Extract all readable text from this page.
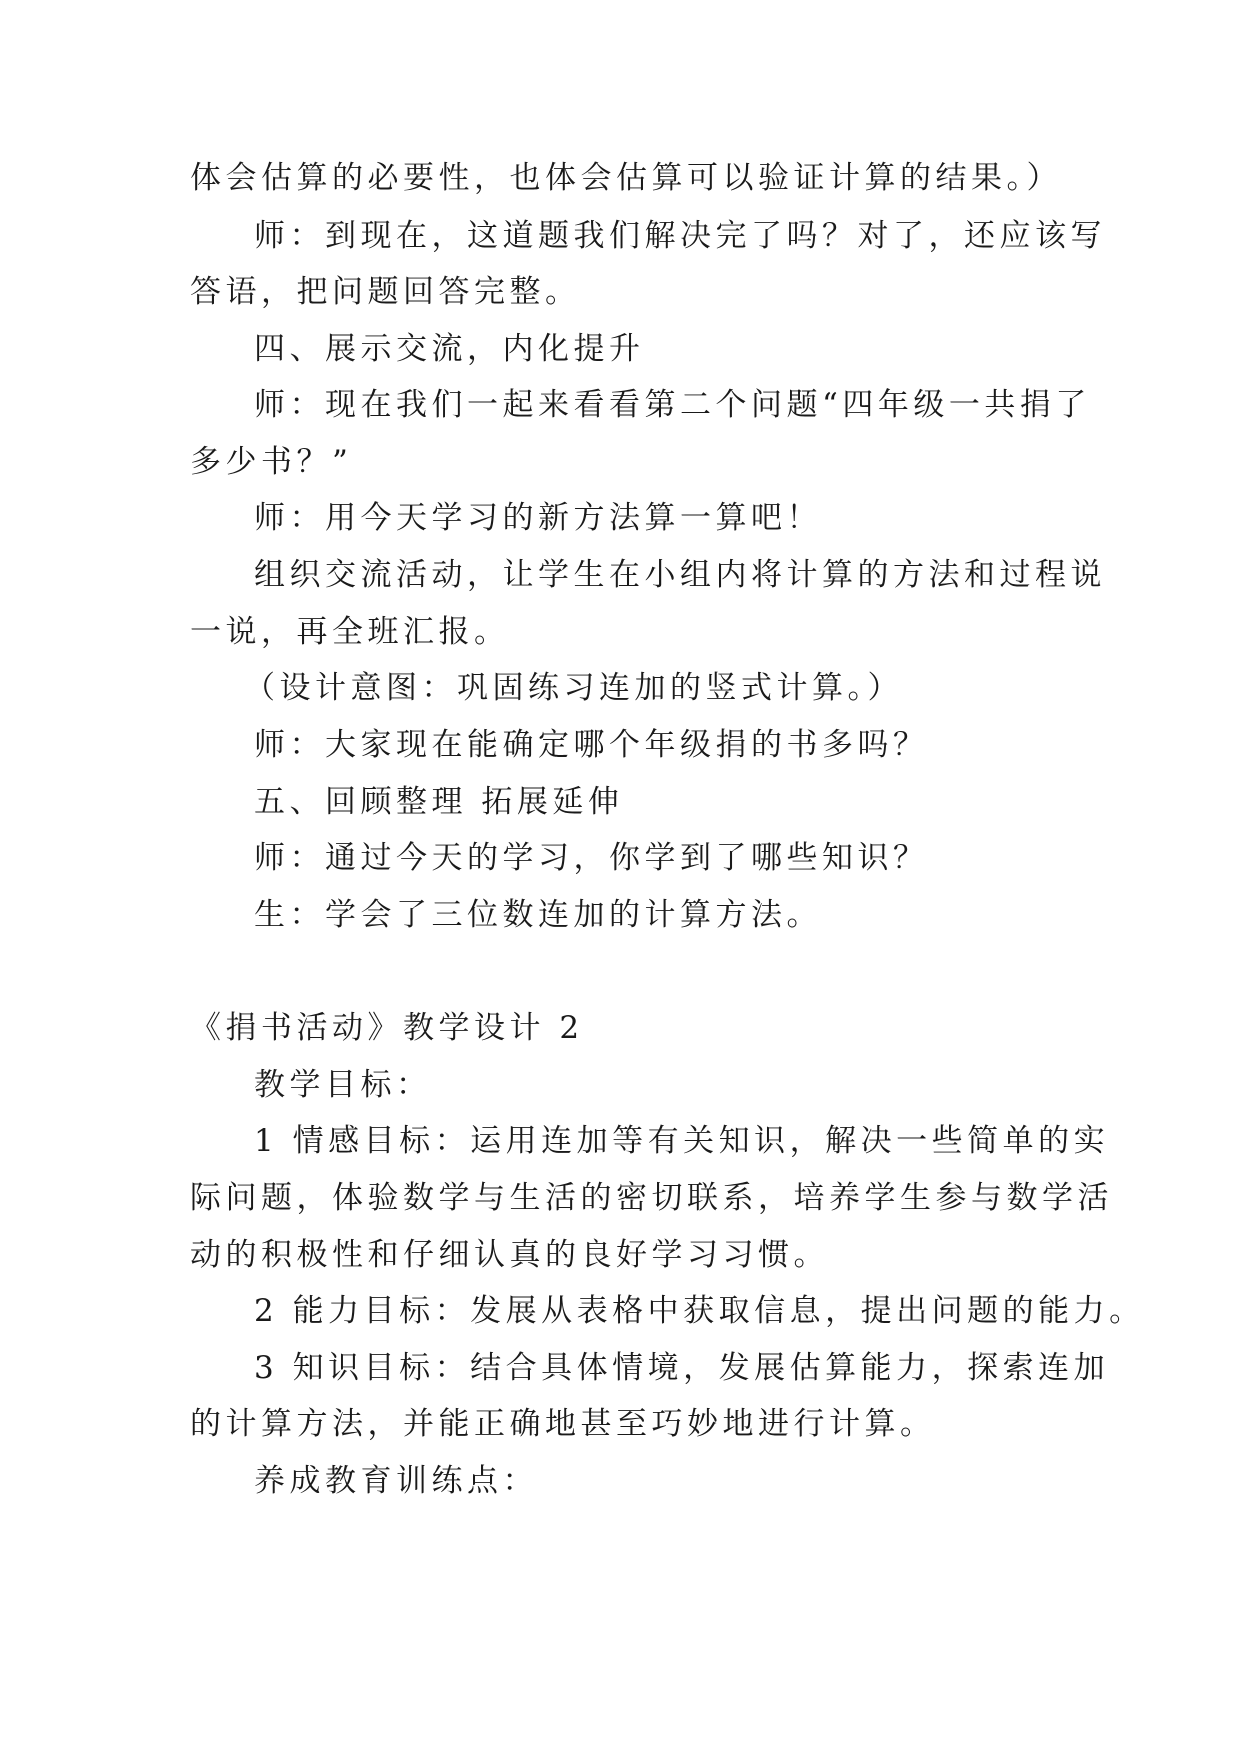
体会估算的必要性，也体会估算可以验证计算的结果。）
师：到现在，这道题我们解决完了吗？对了，还应该写
答语，把问题回答完整。
四、展示交流，内化提升
师：现在我们一起来看看第二个问题“四年级一共捐了
多少书？”
师：用今天学习的新方法算一算吧！
组织交流活动，让学生在小组内将计算的方法和过程说
一说，再全班汇报。
（设计意图：巩固练习连加的竖式计算。）
师：大家现在能确定哪个年级捐的书多吗？
五、回顾整理 拓展延伸
师：通过今天的学习，你学到了哪些知识？
生：学会了三位数连加的计算方法。
《捐书活动》教学设计 2
教学目标：
1 情感目标：运用连加等有关知识，解决一些简单的实
际问题，体验数学与生活的密切联系，培养学生参与数学活
动的积极性和仔细认真的良好学习习惯。
2 能力目标：发展从表格中获取信息，提出问题的能力。
3 知识目标：结合具体情境，发展估算能力，探索连加
的计算方法，并能正确地甚至巧妙地进行计算。
养成教育训练点：
